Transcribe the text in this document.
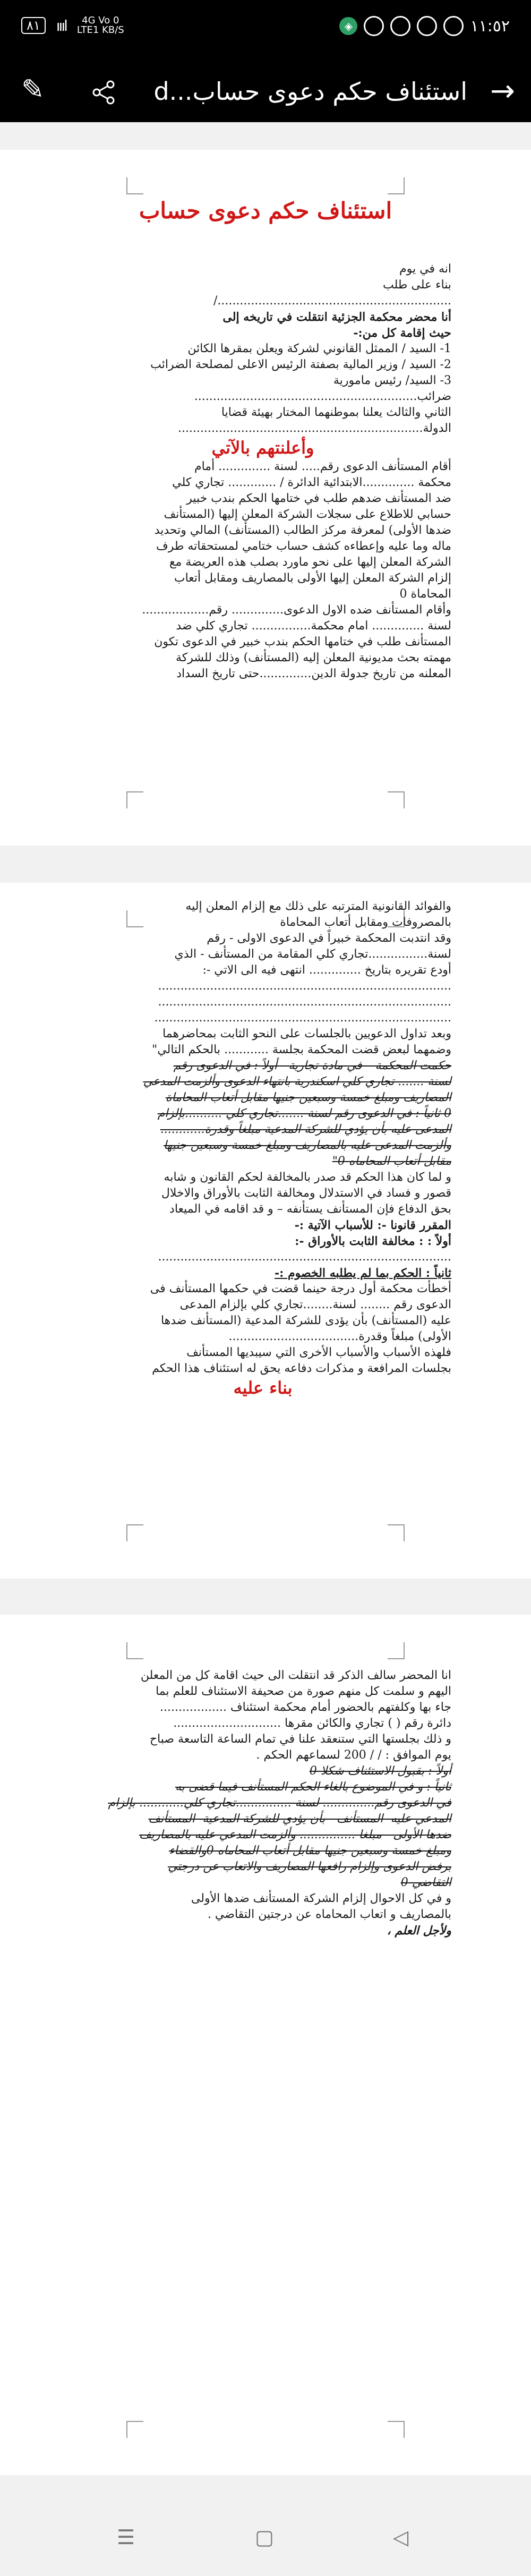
٨١	ıııl	4G Vo 0
LTE1 KB/S	◈	١١:٥٢
→
استئناف حكم دعوى حساب...d
✎
استئناف حكم دعوى حساب

انه في يوم

بناء على طلب

.............................................................../

أنا محضر محكمة الجزئية انتقلت في تاريخه إلى

حيث إقامة كل من:-

1- السيد / الممثل القانوني لشركة ويعلن بمقرها الكائن

2- السيد / وزير المالية بصفتة الرئيس الاعلى لمصلحة الضرائب

3- السيد/ رئيس مامورية

ضرائب............................................................

الثاني والثالث يعلنا بموطنهما المختار بهيئة قضايا

الدولة..................................................................

وأعلنتهم بالآتي

أقام المستأنف الدعوى رقم..... لسنة .............. أمام

محكمة ..............الابتدائية الدائرة / ............. تجاري كلي

ضد المستأنف ضدهم طلب في ختامها الحكم بندب خبير

حسابي للاطلاع على سجلات الشركة المعلن إليها (المستأنف

ضدها الأولى) لمعرفة مركز الطالب (المستأنف) المالي وتحديد

ماله وما عليه وإعطاءه كشف حساب ختامي لمستحقاته طرف

الشركة المعلن إليها على نحو ماورد بصلب هذه العريضة مع

إلزام الشركة المعلن إليها الأولى بالمصاريف ومقابل أتعاب

المحاماة 0

وأقام المستأنف ضده الاول الدعوى.............. رقم..................

لسنة .............. امام محكمة................ تجاري كلي ضد

المستأنف طلب في ختامها الحكم بندب خبير في الدعوى تكون

مهمته بحث مديونية المعلن إليه (المستأنف) وذلك للشركة

المعلنه من تاريخ جدولة الدين..............حتى تاريخ السداد

والفوائد القانونية المترتبه على ذلك مع إلزام المعلن إليه

بالمصروفات ومقابل أتعاب المحاماة

وقد انتدبت المحكمة خبيراً في الدعوى الاولى - رقم

لسنة................تجاري كلي المقامة من المستأنف - الذي

أودع تقريره بتاريخ .............. انتهى فيه الى الاتي -:

...............................................................................

...............................................................................

................................................................................

وبعد تداول الدعويين بالجلسات على النحو الثابت بمحاضرهما

وضمهما لبعض قضت المحكمة بجلسة ............ بالحكم التالي"

حكمت المحكمة – في مادة تجارية - أولاً : في الدعوى رقم

لسنة ....... تجاري كلي اسكندرية بانتهاء الدعوى وألزمت المدعي

المصاريف ومبلغ خمسة وسبعين جنيها مقابل أتعاب المحاماة

0 ثانياً : في الدعوى رقم لسنة .......تجاري كلي ..........بإلزام

المدعى عليه بأن يؤدي للشركة المدعية مبلغاً وقدرة............

وألزمت المدعى عليه بالمصاريف ومبلغ خمسة وسبعين جنيها

مقابل أتعاب المحاماه 0"

و لما كان هذا الحكم قد صدر بالمخالفة لحكم القانون و شابه

قصور و فساد في الاستدلال ومخالفة الثابت بالأوراق والاخلال

بحق الدفاع فإن المستأنف يستأنفه – و قد اقامه في الميعاد

المقرر قانونا -: للأسباب الآتية :-

أولاً : : مخالفة الثابت بالأوراق -:

...............................................................................

ثانياً : الحكم بما لم يطلبه الخصوم :-

أخطأت محكمة أول درجة حينما قضت في حكمها المستأنف فى

الدعوى رقم ........ لسنة........تجاري كلي بإلزام المدعى

عليه (المستأنف) بأن يؤدى للشركة المدعية (المستأنف ضدها

الأولى) مبلغاً وقدرة...................................

فلهذه الأسباب والأسباب الأخرى التي سيبديها المستأنف

بجلسات المرافعة و مذكرات دفاعه يحق له استئناف هذا الحكم

بناء عليه

انا المحضر سالف الذكر قد انتقلت الى حيث اقامة كل من المعلن

اليهم و سلمت كل منهم صورة من صحيفة الاستئناف للعلم بما

جاء بها وكلفتهم بالحضور أمام محكمة استئناف ..................

دائرة رقم ( ) تجاري والكائن مقرها .............................

و ذلك بجلستها التي ستنعقد علنا في تمام الساعة التاسعة صباح

يوم الموافق : / / 200 لسماعهم الحكم .

أولاً : بقبول الاستئناف شكلا 0

ثانياً : و في الموضوع بالغاء الحكم المستأنف فيما قضى به

في الدعوى رقم.............. لسنة ...............تجاري كلي............ بإلزام

المدعي عليه- المستأنف - بأن يؤدي للشركة المدعية- المستأنف

ضدها الأولى - مبلغا ............... وألزمت المدعي عليه بالمصاريف

ومبلغ خمسة وسبعين جنيها مقابل أتعاب المحاماه 0والقضاء

برفض الدعوى وإلزام رافعها المصاريف والاتعاب عن درجتي

التقاضي 0

و في كل الاحوال إلزام الشركة المستأنف ضدها الأولى

بالمصاريف و اتعاب المحاماه عن درجتين التقاضي .

ولأجل العلم ،

☰	▢	◁
